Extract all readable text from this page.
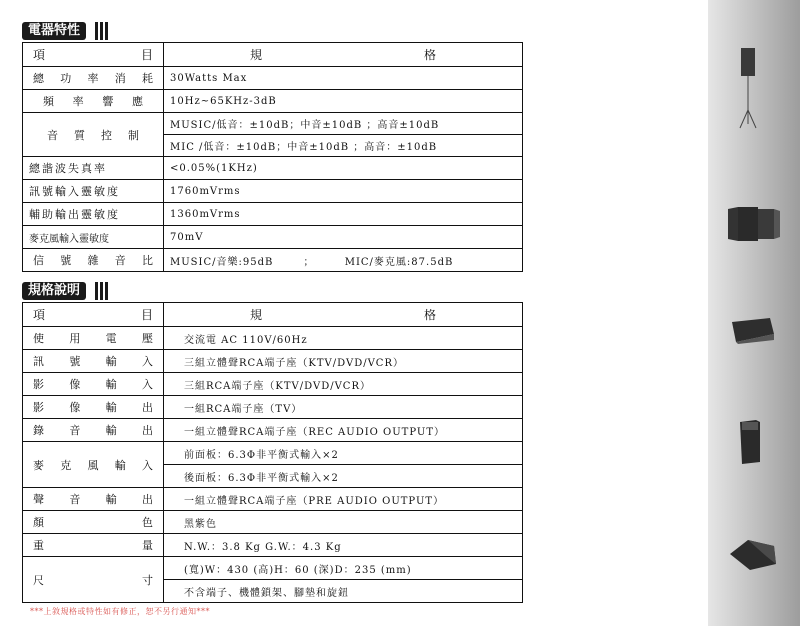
電器特性
項 目	規 格

總 功 率 消 耗	30Watts Max

頻 率 響 應	10Hz~65KHz-3dB

音 質 控 制	MUSIC/低音：±10dB；中音±10dB ；高音±10dB
	MIC /低音：±10dB；中音±10dB ；高音：±10dB
總諧波失真率	<0.05%(1KHz)
訊號輸入靈敏度	1760mVrms
輔助輸出靈敏度	1360mVrms
麥克風輸入靈敏度	70mV

信 號 雜 音 比	MUSIC/音樂:95dB ； MIC/麥克風:87.5dB
規格說明
項 目	規 格

使 用 電 壓	交流電 AC 110V/60Hz

訊 號 輸 入	三組立體聲RCA端子座（KTV/DVD/VCR）

影 像 輸 入	三組RCA端子座（KTV/DVD/VCR）

影 像 輸 出	一組RCA端子座（TV）

錄 音 輸 出	一組立體聲RCA端子座（REC AUDIO OUTPUT）

麥 克 風 輸 入	前面板：6.3Φ非平衡式輸入×2
	後面板：6.3Φ非平衡式輸入×2

聲 音 輸 出	一組立體聲RCA端子座（PRE AUDIO OUTPUT）

顏 色	黑紫色

重 量	N.W.：3.8 Kg G.W.：4.3 Kg

尺 寸	(寬)W：430 (高)H：60 (深)D：235 (mm)
	不含端子、機體鎖架、腳墊和旋鈕
***上敘規格或特性如有修正，恕不另行通知***
